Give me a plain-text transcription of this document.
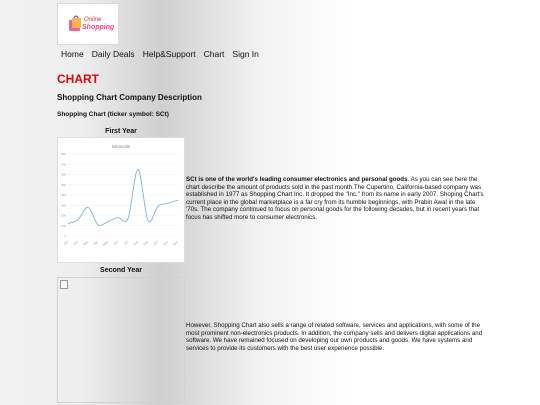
Online
Shopping
Home Daily Deals Help&Support Chart Sign In
CHART
Shopping Chart Company Description
Shopping Chart (ticker symbol: SCt)
First Year
Nintscale
0
100
200
300
400
500
600
700
800
Jan Feb Mar Apr May Jun Jul Aug Sep Oct Nov Dec
Second Year
SCt is one of the world's leading consumer electronics and personal goods. As you can see here the chart describe the amount of products sold in the past month.The Cupertino, California-based company was established in 1977 as Shopping Chart Inc. It dropped the "Inc." from its name in early 2007. Shoping Chart's current place in the global marketplace is a far cry from its humble beginnings, with Prabin Awal in the late '70s. The company continued to focus on personal goods for the following decades, but in recent years that focus has shifted more to consumer electronics.
However, Shopping Chart also sells a range of related software, services and applications, with some of the most prominent non-electronics products. In addition, the company sells and delivers digital applications and software. We have remained focused on developing our own products and goods. We have systems and services to provide its customers with the best user experience possible.
